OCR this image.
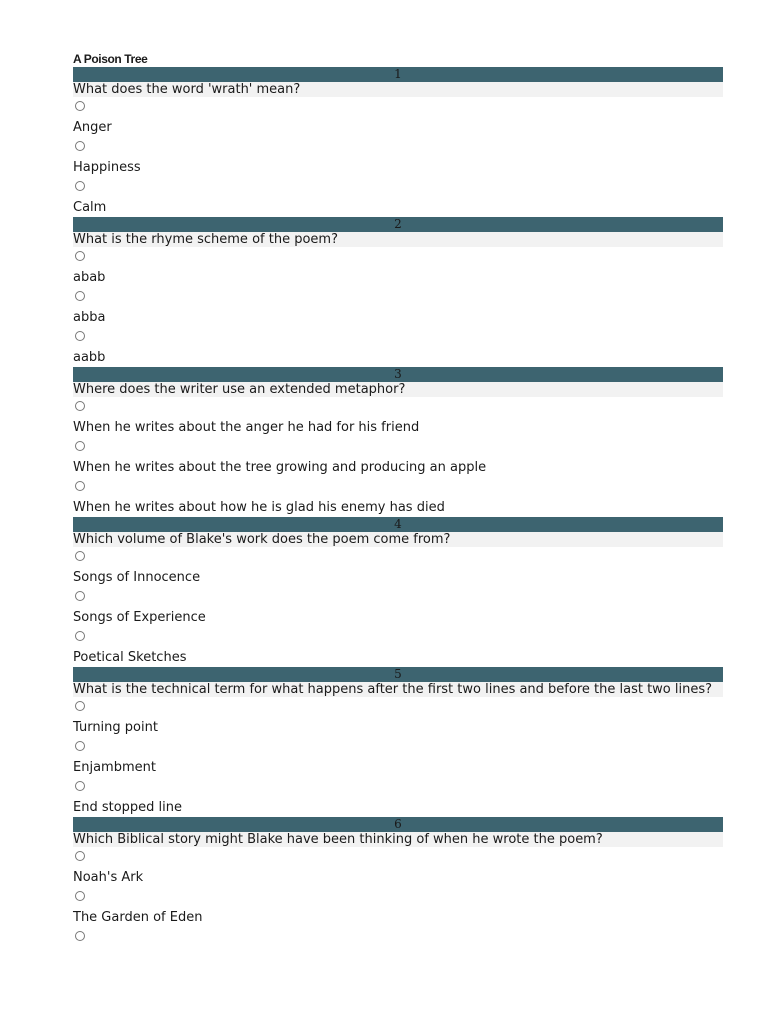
A Poison Tree
1
What does the word 'wrath' mean?
Anger
Happiness
Calm
2
What is the rhyme scheme of the poem?
abab
abba
aabb
3
Where does the writer use an extended metaphor?
When he writes about the anger he had for his friend
When he writes about the tree growing and producing an apple
When he writes about how he is glad his enemy has died
4
Which volume of Blake's work does the poem come from?
Songs of Innocence
Songs of Experience
Poetical Sketches
5
What is the technical term for what happens after the first two lines and before the last two lines?
Turning point
Enjambment
End stopped line
6
Which Biblical story might Blake have been thinking of when he wrote the poem?
Noah's Ark
The Garden of Eden
